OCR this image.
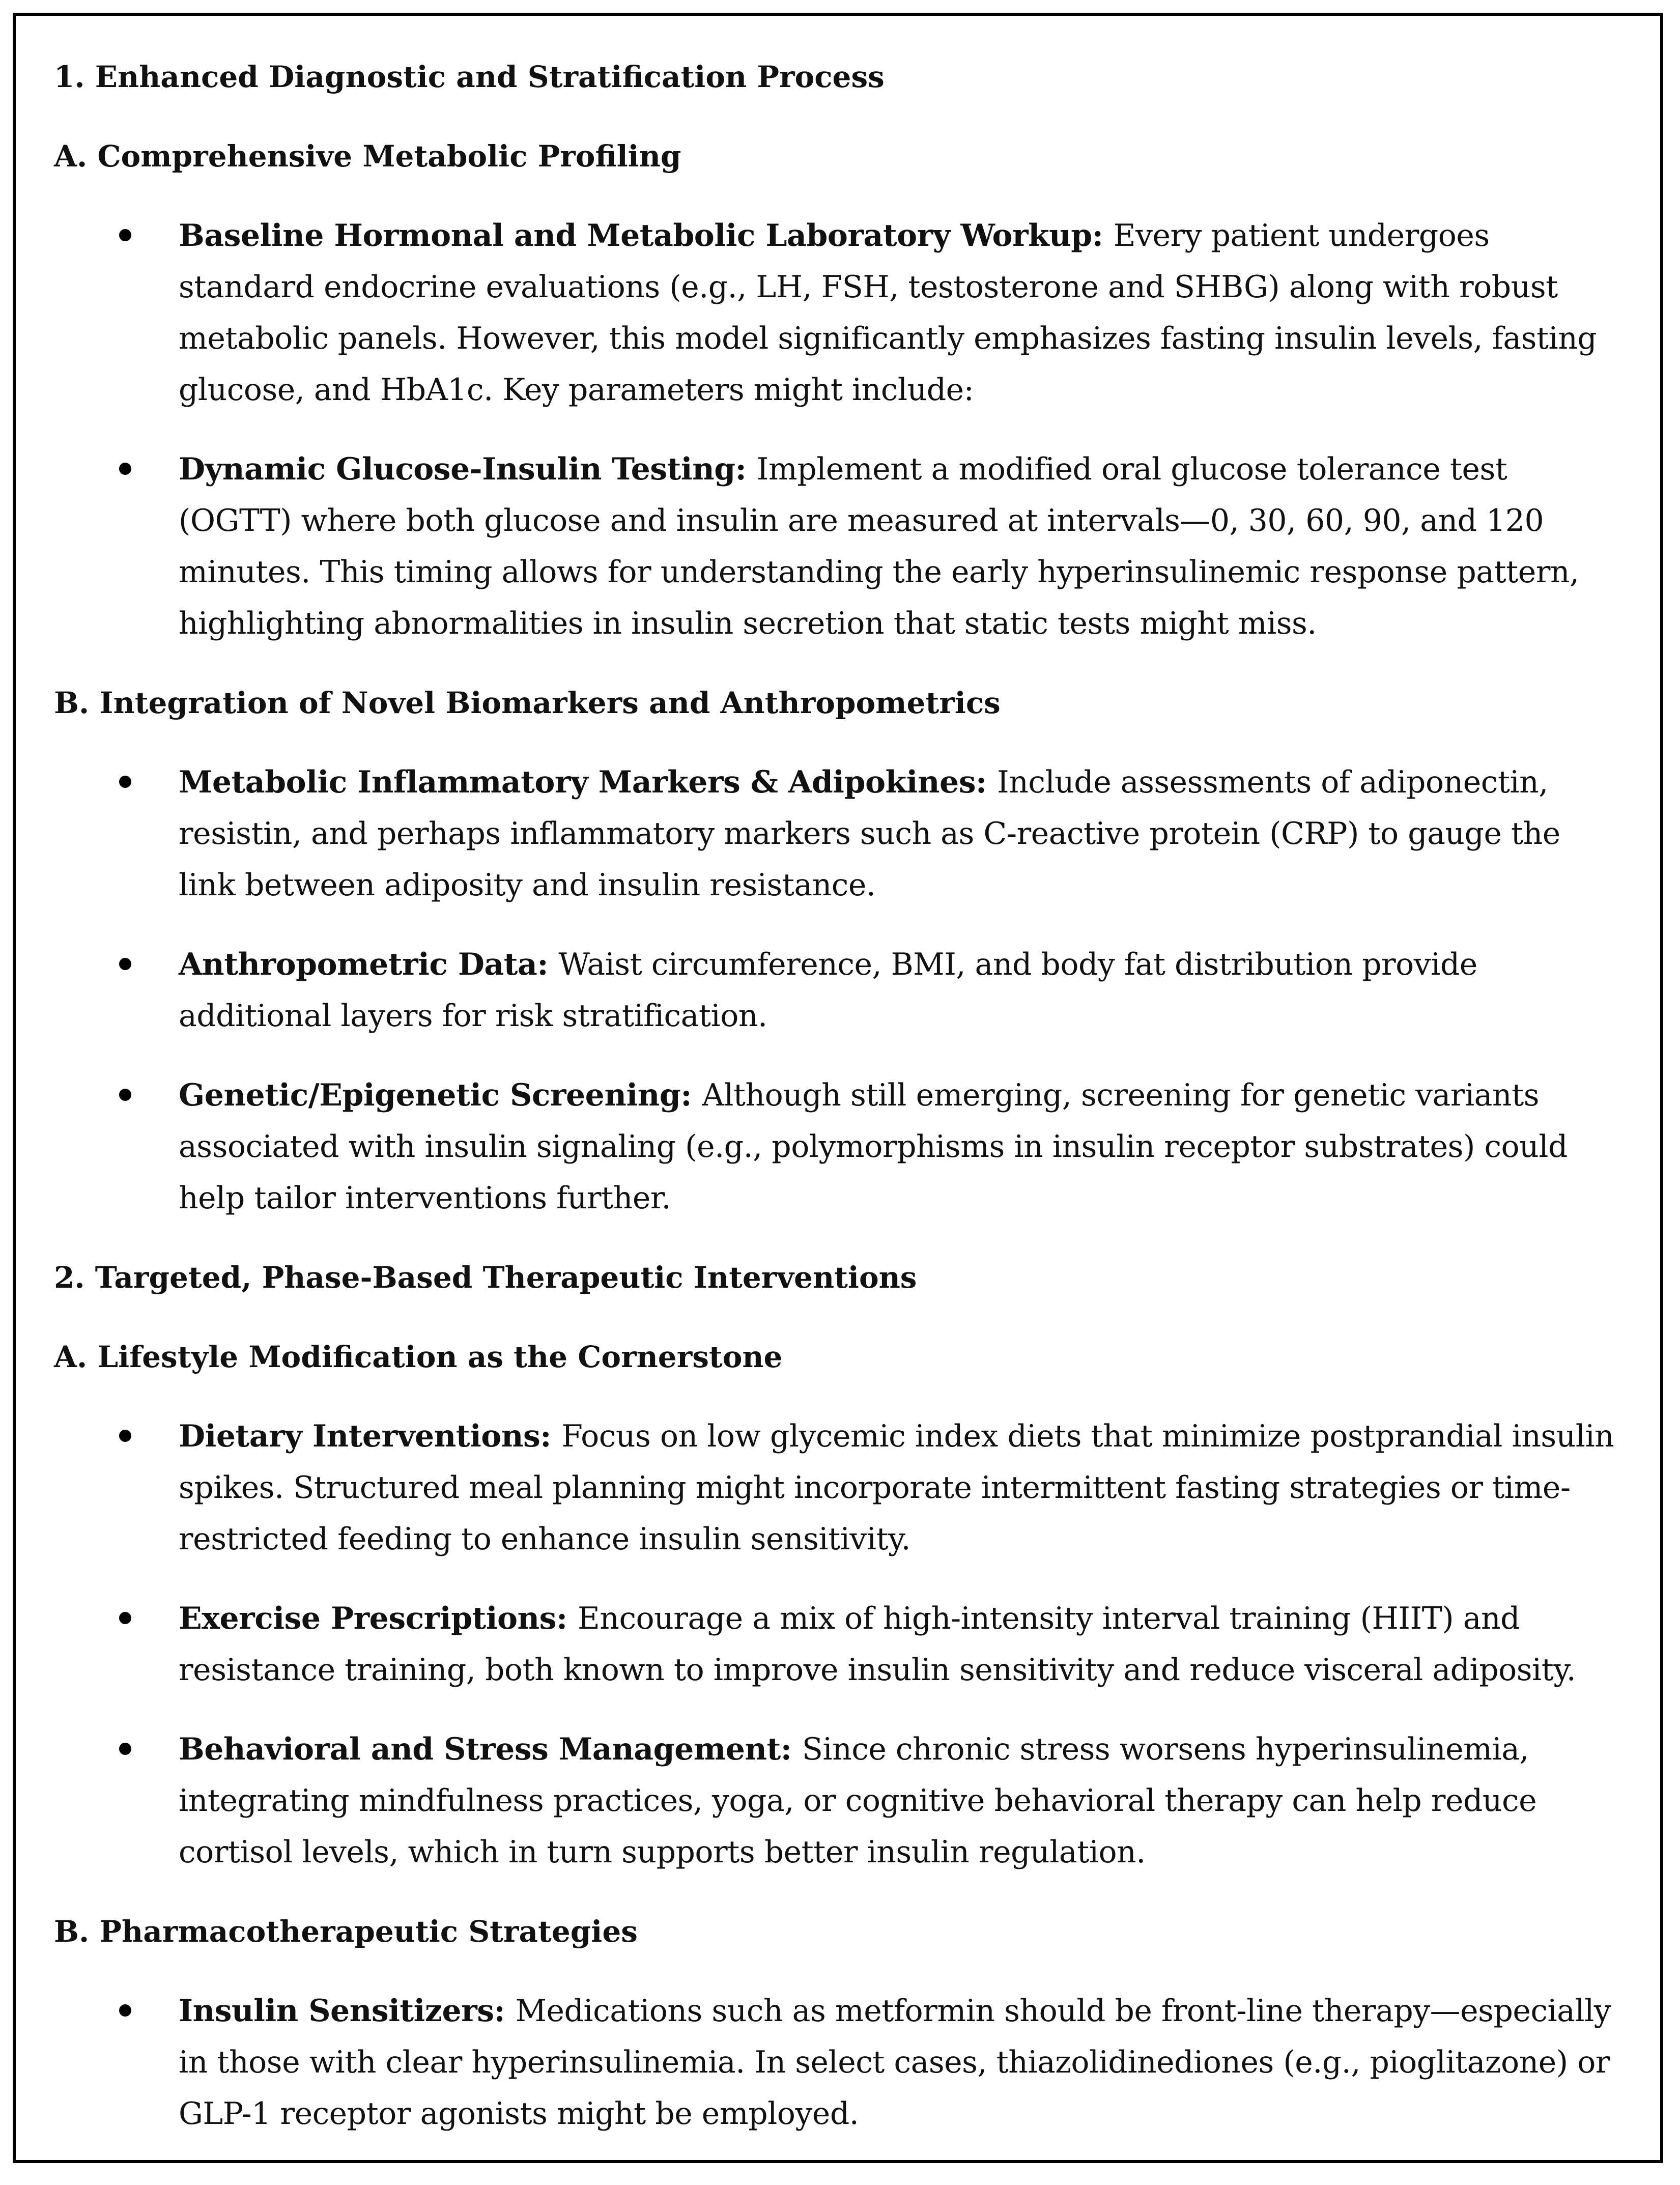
1. Enhanced Diagnostic and Stratification Process
A. Comprehensive Metabolic Profiling
Baseline Hormonal and Metabolic Laboratory Workup: Every patient undergoes standard endocrine evaluations (e.g., LH, FSH, testosterone and SHBG) along with robust metabolic panels. However, this model significantly emphasizes fasting insulin levels, fasting glucose, and HbA1c. Key parameters might include:
Dynamic Glucose-Insulin Testing: Implement a modified oral glucose tolerance test (OGTT) where both glucose and insulin are measured at intervals—0, 30, 60, 90, and 120 minutes. This timing allows for understanding the early hyperinsulinemic response pattern, highlighting abnormalities in insulin secretion that static tests might miss.
B. Integration of Novel Biomarkers and Anthropometrics
Metabolic Inflammatory Markers & Adipokines: Include assessments of adiponectin, resistin, and perhaps inflammatory markers such as C-reactive protein (CRP) to gauge the link between adiposity and insulin resistance.
Anthropometric Data: Waist circumference, BMI, and body fat distribution provide additional layers for risk stratification.
Genetic/Epigenetic Screening: Although still emerging, screening for genetic variants associated with insulin signaling (e.g., polymorphisms in insulin receptor substrates) could help tailor interventions further.
2. Targeted, Phase-Based Therapeutic Interventions
A. Lifestyle Modification as the Cornerstone
Dietary Interventions: Focus on low glycemic index diets that minimize postprandial insulin spikes. Structured meal planning might incorporate intermittent fasting strategies or time-restricted feeding to enhance insulin sensitivity.
Exercise Prescriptions: Encourage a mix of high-intensity interval training (HIIT) and resistance training, both known to improve insulin sensitivity and reduce visceral adiposity.
Behavioral and Stress Management: Since chronic stress worsens hyperinsulinemia, integrating mindfulness practices, yoga, or cognitive behavioral therapy can help reduce cortisol levels, which in turn supports better insulin regulation.
B. Pharmacotherapeutic Strategies
Insulin Sensitizers: Medications such as metformin should be front-line therapy—especially in those with clear hyperinsulinemia. In select cases, thiazolidinediones (e.g., pioglitazone) or GLP-1 receptor agonists might be employed.
